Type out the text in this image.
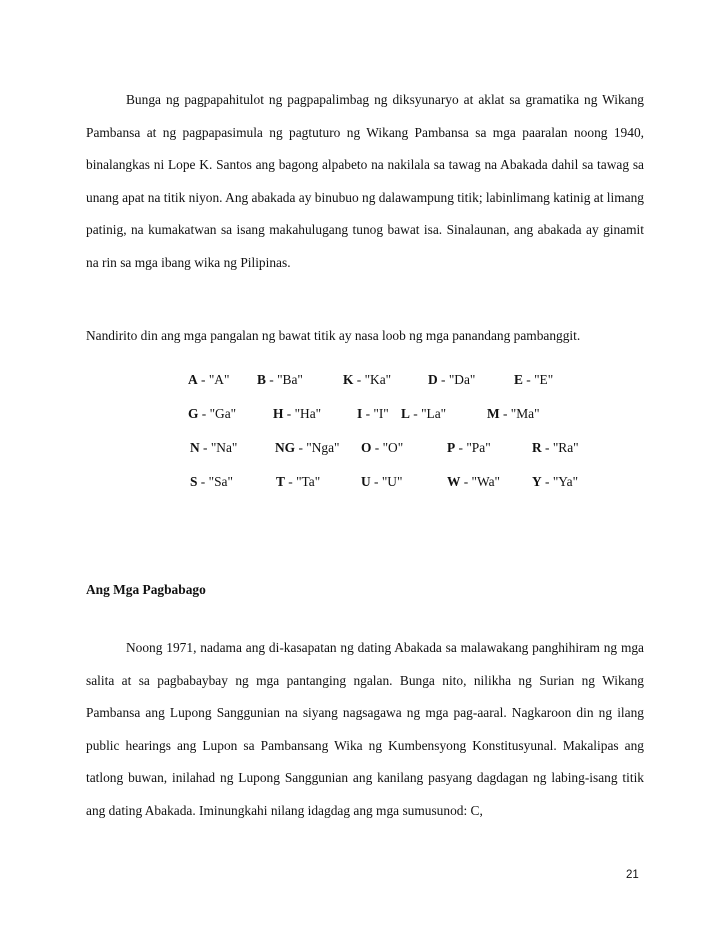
Bunga ng pagpapahitulot ng pagpapalimbag ng diksyunaryo at aklat sa gramatika ng Wikang Pambansa at ng pagpapasimula ng pagtuturo ng Wikang Pambansa sa mga paaralan noong 1940, binalangkas ni Lope K. Santos ang bagong alpabeto na nakilala sa tawag na Abakada dahil sa tawag sa unang apat na titik niyon. Ang abakada ay binubuo ng dalawampung titik; labinlimang katinig at limang patinig, na kumakatwan sa isang makahulugang tunog bawat isa. Sinalaunan, ang abakada ay ginamit na rin sa mga ibang wika ng Pilipinas.

Nandirito din ang mga pangalan ng bawat titik ay nasa loob ng mga panandang pambanggit.

A - "A" B - "Ba"	K - "Ka"	D - "Da"	E - "E"
G - "Ga"	H - "Ha"	I - "I" L - "La"	M - "Ma"
N - "Na"	NG - "Nga" O - "O"	P - "Pa"	R - "Ra"
S - "Sa"	T - "Ta"	U - "U"	W - "Wa" Y - "Ya"
Ang Mga Pagbabago

Noong 1971, nadama ang di-kasapatan ng dating Abakada sa malawakang panghihiram ng mga salita at sa pagbabaybay ng mga pantanging ngalan. Bunga nito, nilikha ng Surian ng Wikang Pambansa ang Lupong Sanggunian na siyang nagsagawa ng mga pag-aaral. Nagkaroon din ng ilang public hearings ang Lupon sa Pambansang Wika ng Kumbensyong Konstitusyunal. Makalipas ang tatlong buwan, inilahad ng Lupong Sanggunian ang kanilang pasyang dagdagan ng labing-isang titik ang dating Abakada. Iminungkahi nilang idagdag ang mga sumusunod: C,

21
